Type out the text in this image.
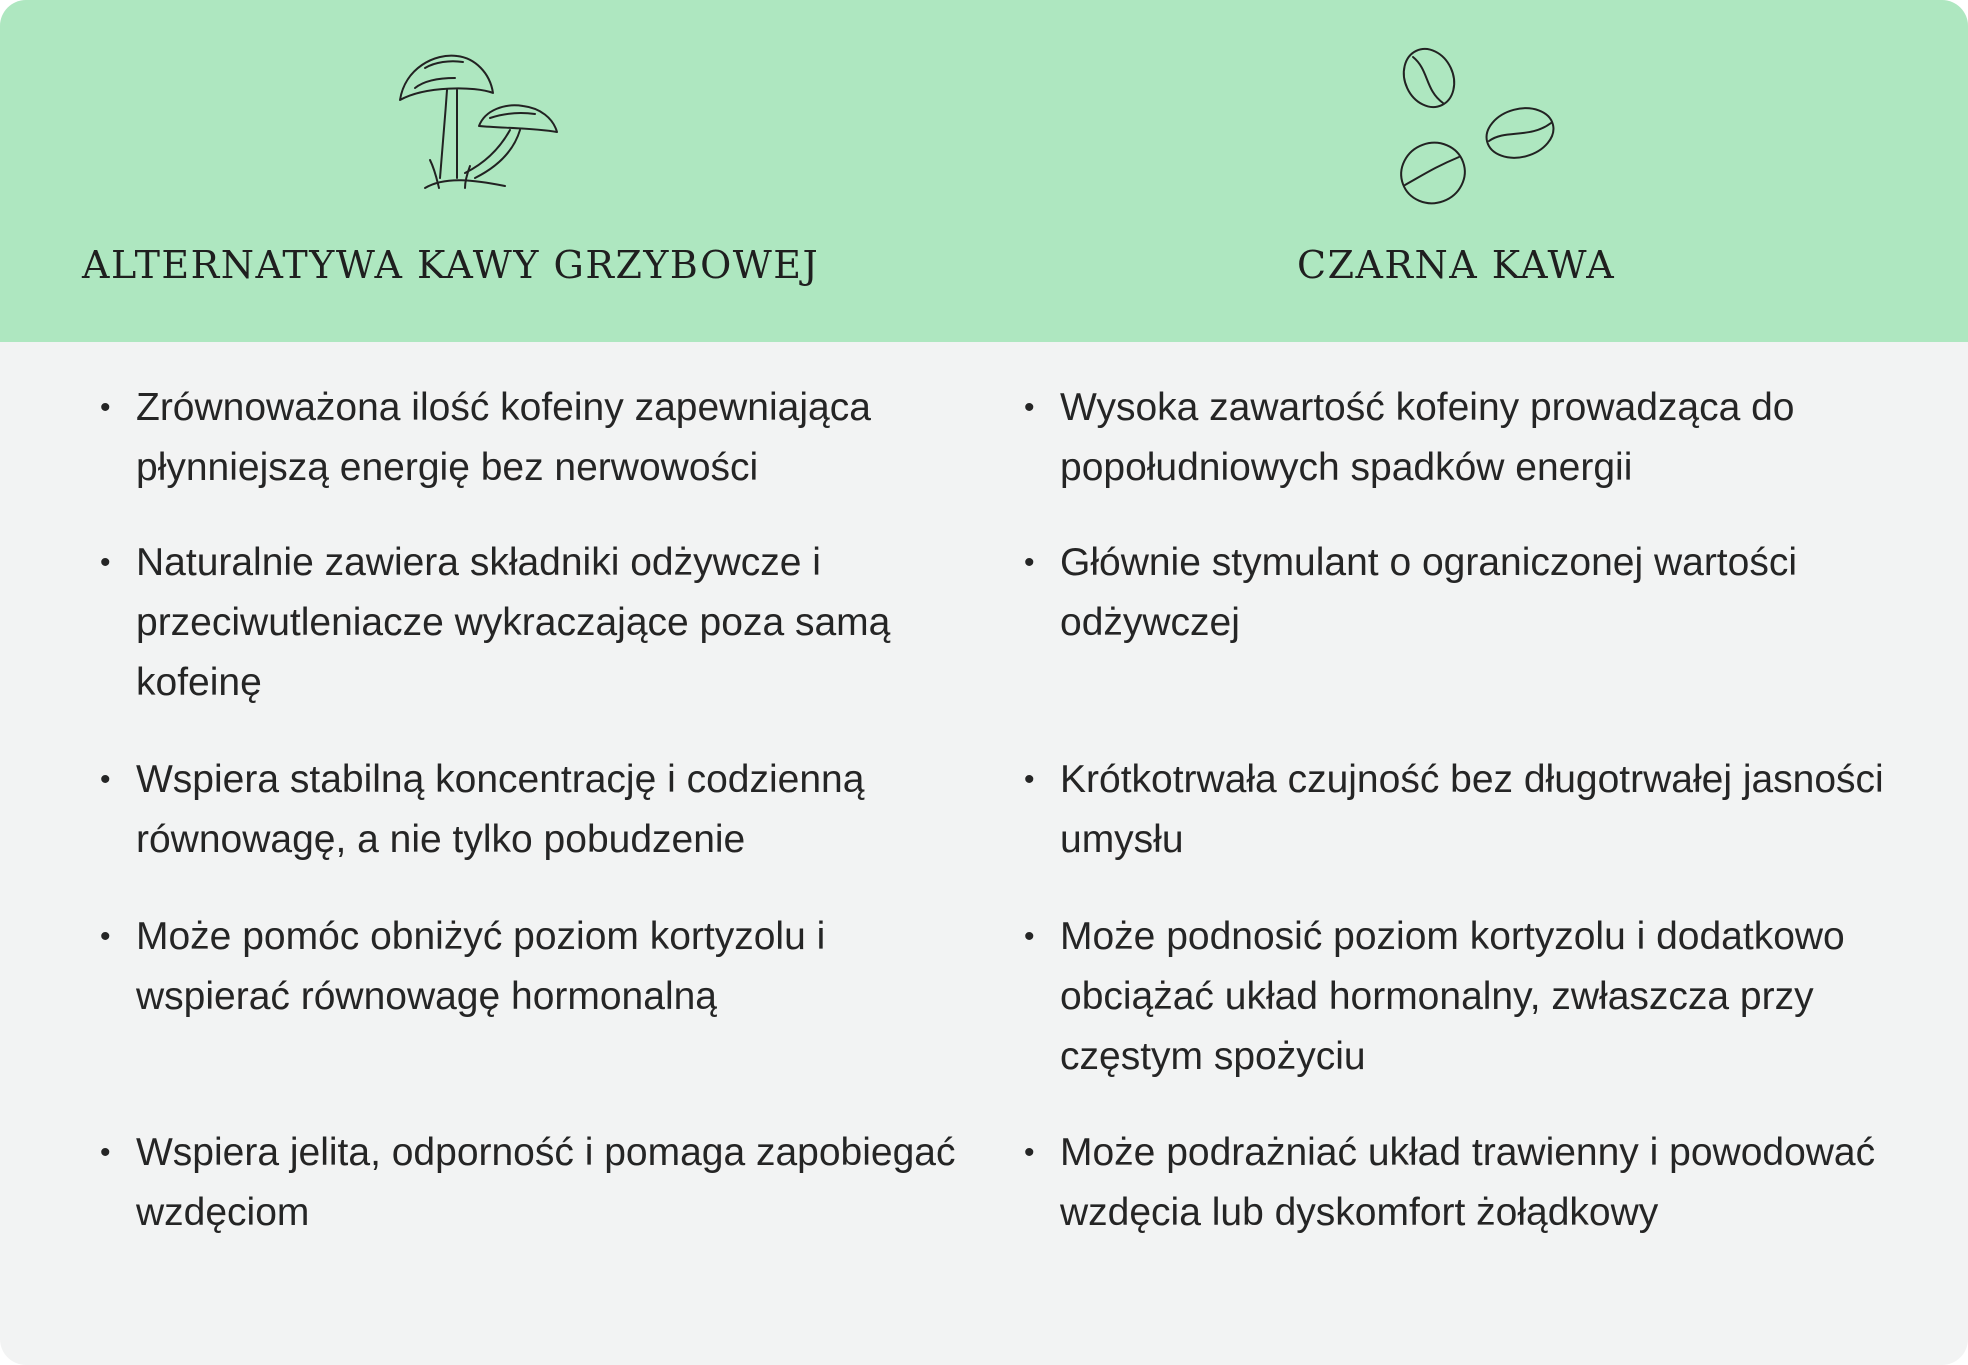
ALTERNATYWA KAWY GRZYBOWEJ	CZARNA KAWA
• Zrównoważona ilość kofeiny zapewniająca płynniejszą energię bez nerwowości
• Naturalnie zawiera składniki odżywcze i przeciwutleniacze wykraczające poza samą kofeinę
• Wspiera stabilną koncentrację i codzienną równowagę, a nie tylko pobudzenie
• Może pomóc obniżyć poziom kortyzolu i wspierać równowagę hormonalną
• Wspiera jelita, odporność i pomaga zapobiegać wzdęciom
• Wysoka zawartość kofeiny prowadząca do popołudniowych spadków energii
• Głównie stymulant o ograniczonej wartości odżywczej
• Krótkotrwała czujność bez długotrwałej jasności umysłu
• Może podnosić poziom kortyzolu i dodatkowo obciążać układ hormonalny, zwłaszcza przy częstym spożyciu
• Może podrażniać układ trawienny i powodować wzdęcia lub dyskomfort żołądkowy
